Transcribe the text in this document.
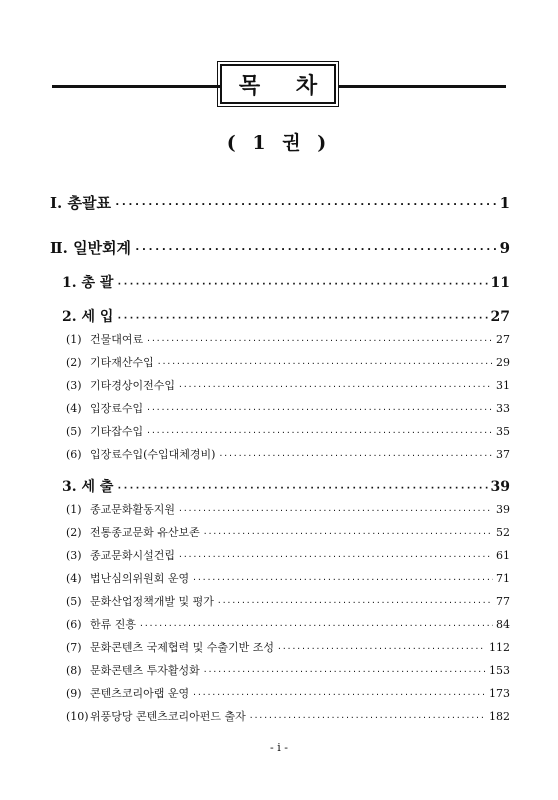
목 차
( 1 권 )
Ⅰ. 총괄표 ·····	1
Ⅱ. 일반회계 ·····	9
1. 총 괄 ·····	11
2. 세 입 ·····	27
(1) 건물대여료 ·····	27
(2) 기타재산수입 ·····	29
(3) 기타경상이전수입 ·····	31
(4) 입장료수입 ·····	33
(5) 기타잡수입 ·····	35
(6) 입장료수입(수입대체경비) ·····	37
3. 세 출 ·····	39
(1) 종교문화활동지원 ·····	39
(2) 전통종교문화 유산보존 ·····	52
(3) 종교문화시설건립 ·····	61
(4) 법난심의위원회 운영 ·····	71
(5) 문화산업정책개발 및 평가 ·····	77
(6) 한류 진흥 ·····	84
(7) 문화콘텐츠 국제협력 및 수출기반 조성 ·····	112
(8) 문화콘텐츠 투자활성화 ·····	153
(9) 콘텐츠코리아랩 운영 ·····	173
(10)위풍당당 콘텐츠코리아펀드 출자 ·····	182
- i -
